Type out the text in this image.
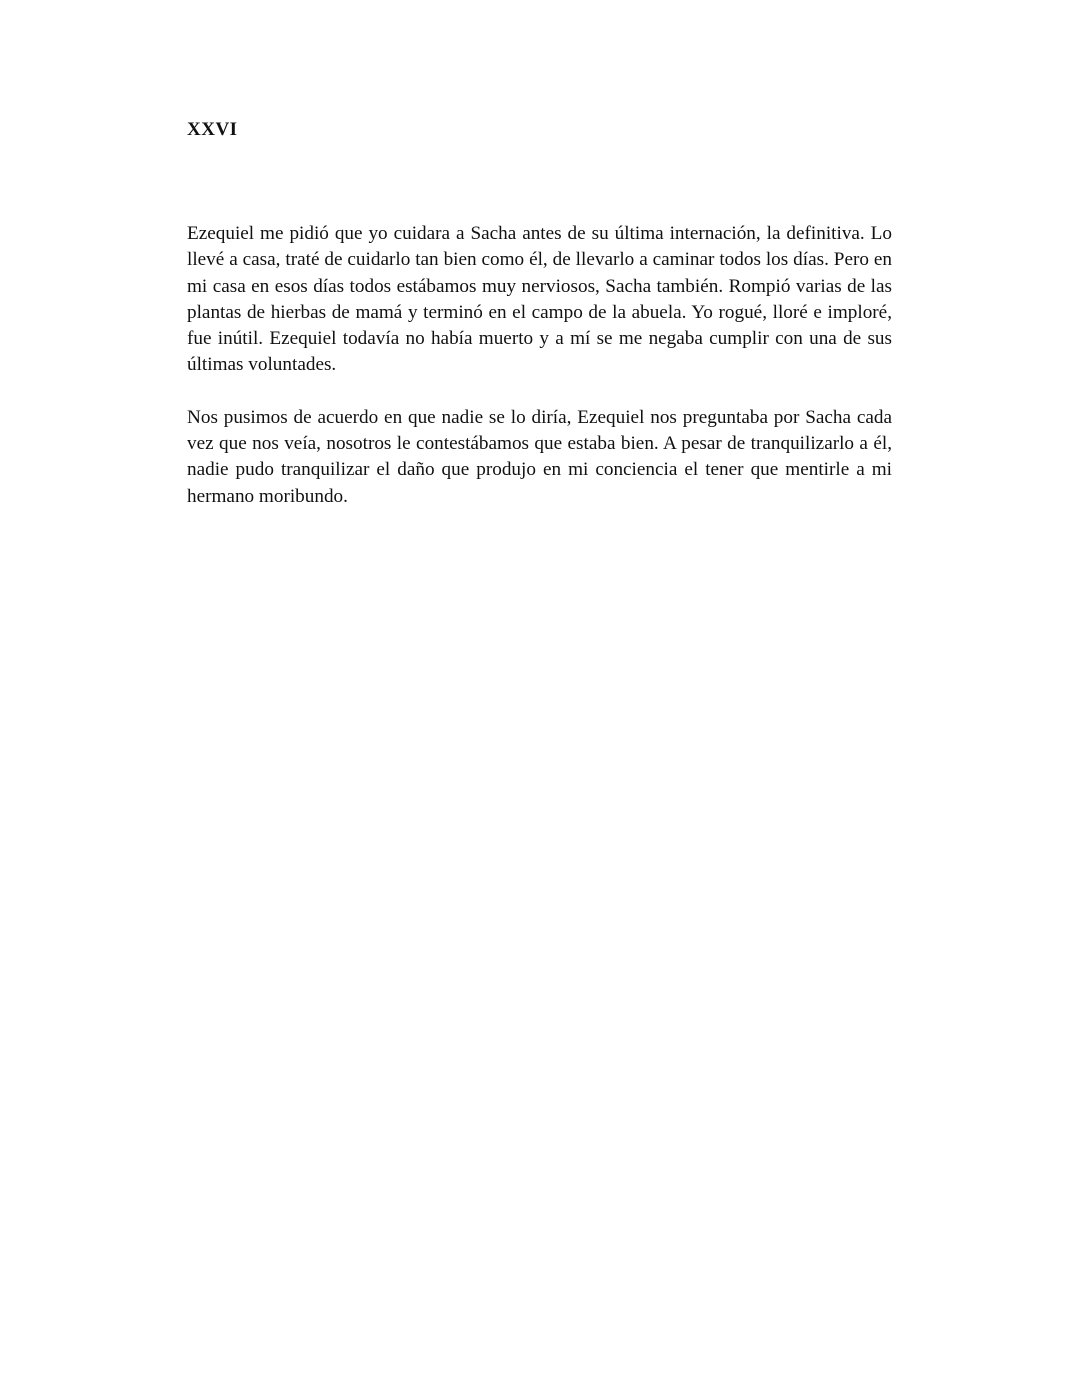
XXVI

Ezequiel me pidió que yo cuidara a Sacha antes de su última internación, la definitiva. Lo llevé a casa, traté de cuidarlo tan bien como él, de llevarlo a caminar todos los días. Pero en mi casa en esos días todos estábamos muy nerviosos, Sacha también. Rompió varias de las plantas de hierbas de mamá y terminó en el campo de la abuela. Yo rogué, lloré e imploré, fue inútil. Ezequiel todavía no había muerto y a mí se me negaba cumplir con una de sus últimas voluntades.

Nos pusimos de acuerdo en que nadie se lo diría, Ezequiel nos preguntaba por Sacha cada vez que nos veía, nosotros le contestábamos que estaba bien. A pesar de tranquilizarlo a él, nadie pudo tranquilizar el daño que produjo en mi conciencia el tener que mentirle a mi hermano moribundo.
